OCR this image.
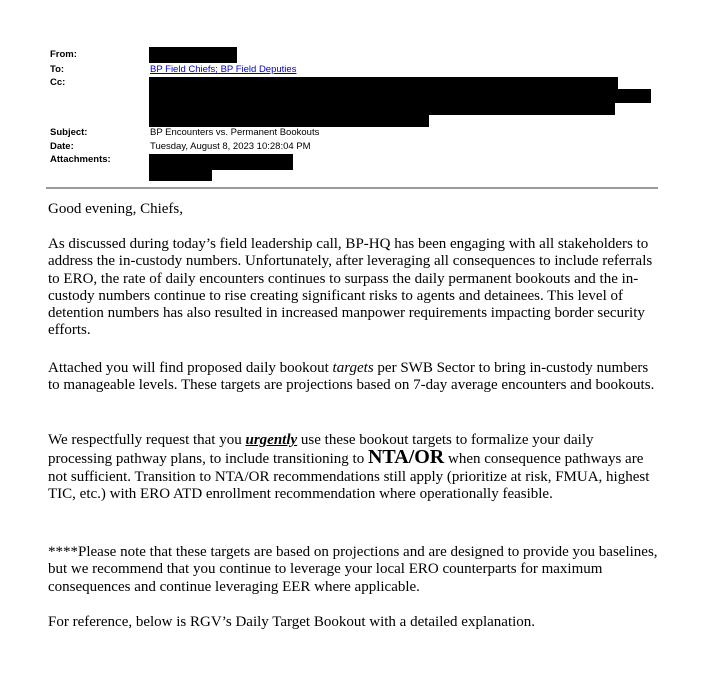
From:
To:
Cc:
Subject:
Date:
Attachments:
BP Field Chiefs; BP Field Deputies
BP Encounters vs. Permanent Bookouts
Tuesday, August 8, 2023 10:28:04 PM
Good evening, Chiefs,

As discussed during today’s field leadership call, BP-HQ has been engaging with all stakeholders to address the in-custody numbers. Unfortunately, after leveraging all consequences to include referrals to ERO, the rate of daily encounters continues to surpass the daily permanent bookouts and the in-custody numbers continue to rise creating significant risks to agents and detainees. This level of detention numbers has also resulted in increased manpower requirements impacting border security efforts.

Attached you will find proposed daily bookout targets per SWB Sector to bring in-custody numbers to manageable levels. These targets are projections based on 7-day average encounters and bookouts.

We respectfully request that you urgently use these bookout targets to formalize your daily processing pathway plans, to include transitioning to NTA/OR when consequence pathways are not sufficient. Transition to NTA/OR recommendations still apply (prioritize at risk, FMUA, highest TIC, etc.) with ERO ATD enrollment recommendation where operationally feasible.

****Please note that these targets are based on projections and are designed to provide you baselines, but we recommend that you continue to leverage your local ERO counterparts for maximum consequences and continue leveraging EER where applicable.
For reference, below is RGV’s Daily Target Bookout with a detailed explanation.
